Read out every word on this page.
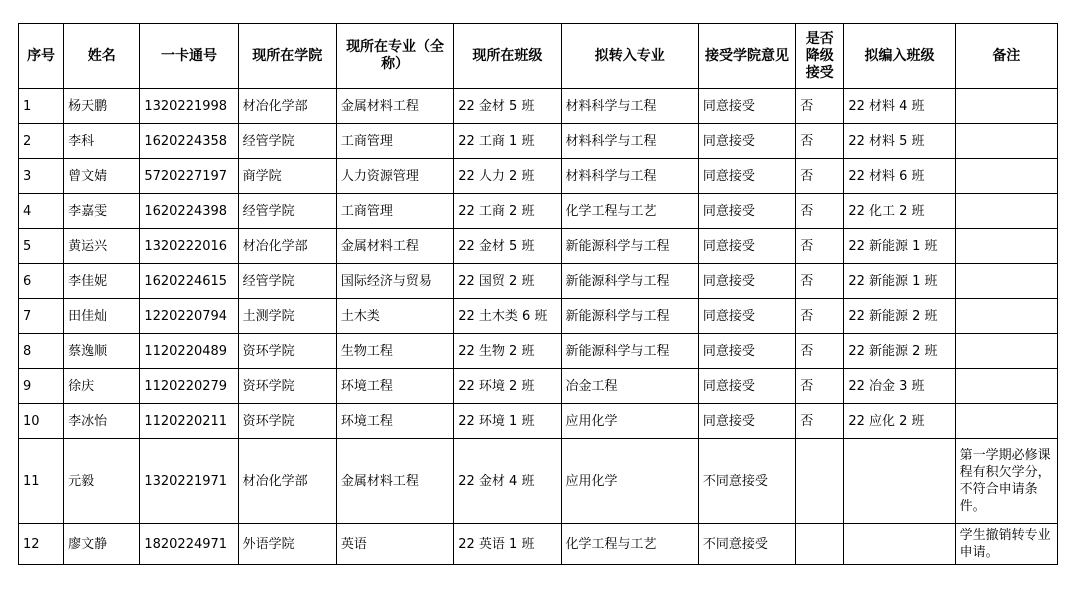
序号	姓名	一卡通号	现所在学院	现所在专业（全称）	现所在班级	拟转入专业	接受学院意见	是否降级接受	拟编入班级	备注
1	杨天鹏	1320221998	材冶化学部	金属材料工程	22 金材 5 班	材料科学与工程	同意接受	否	22 材料 4 班	
2	李科	1620224358	经管学院	工商管理	22 工商 1 班	材料科学与工程	同意接受	否	22 材料 5 班	
3	曾文婧	5720227197	商学院	人力资源管理	22 人力 2 班	材料科学与工程	同意接受	否	22 材料 6 班	
4	李嘉雯	1620224398	经管学院	工商管理	22 工商 2 班	化学工程与工艺	同意接受	否	22 化工 2 班	
5	黄运兴	1320222016	材冶化学部	金属材料工程	22 金材 5 班	新能源科学与工程	同意接受	否	22 新能源 1 班	
6	李佳妮	1620224615	经管学院	国际经济与贸易	22 国贸 2 班	新能源科学与工程	同意接受	否	22 新能源 1 班	
7	田佳灿	1220220794	土测学院	土木类	22 土木类 6 班	新能源科学与工程	同意接受	否	22 新能源 2 班	
8	蔡逸顺	1120220489	资环学院	生物工程	22 生物 2 班	新能源科学与工程	同意接受	否	22 新能源 2 班	
9	徐庆	1120220279	资环学院	环境工程	22 环境 2 班	冶金工程	同意接受	否	22 冶金 3 班	
10	李冰怡	1120220211	资环学院	环境工程	22 环境 1 班	应用化学	同意接受	否	22 应化 2 班	
11	元毅	1320221971	材冶化学部	金属材料工程	22 金材 4 班	应用化学	不同意接受			第一学期必修课程有积欠学分，不符合申请条件。
12	廖文静	1820224971	外语学院	英语	22 英语 1 班	化学工程与工艺	不同意接受			学生撤销转专业申请。
